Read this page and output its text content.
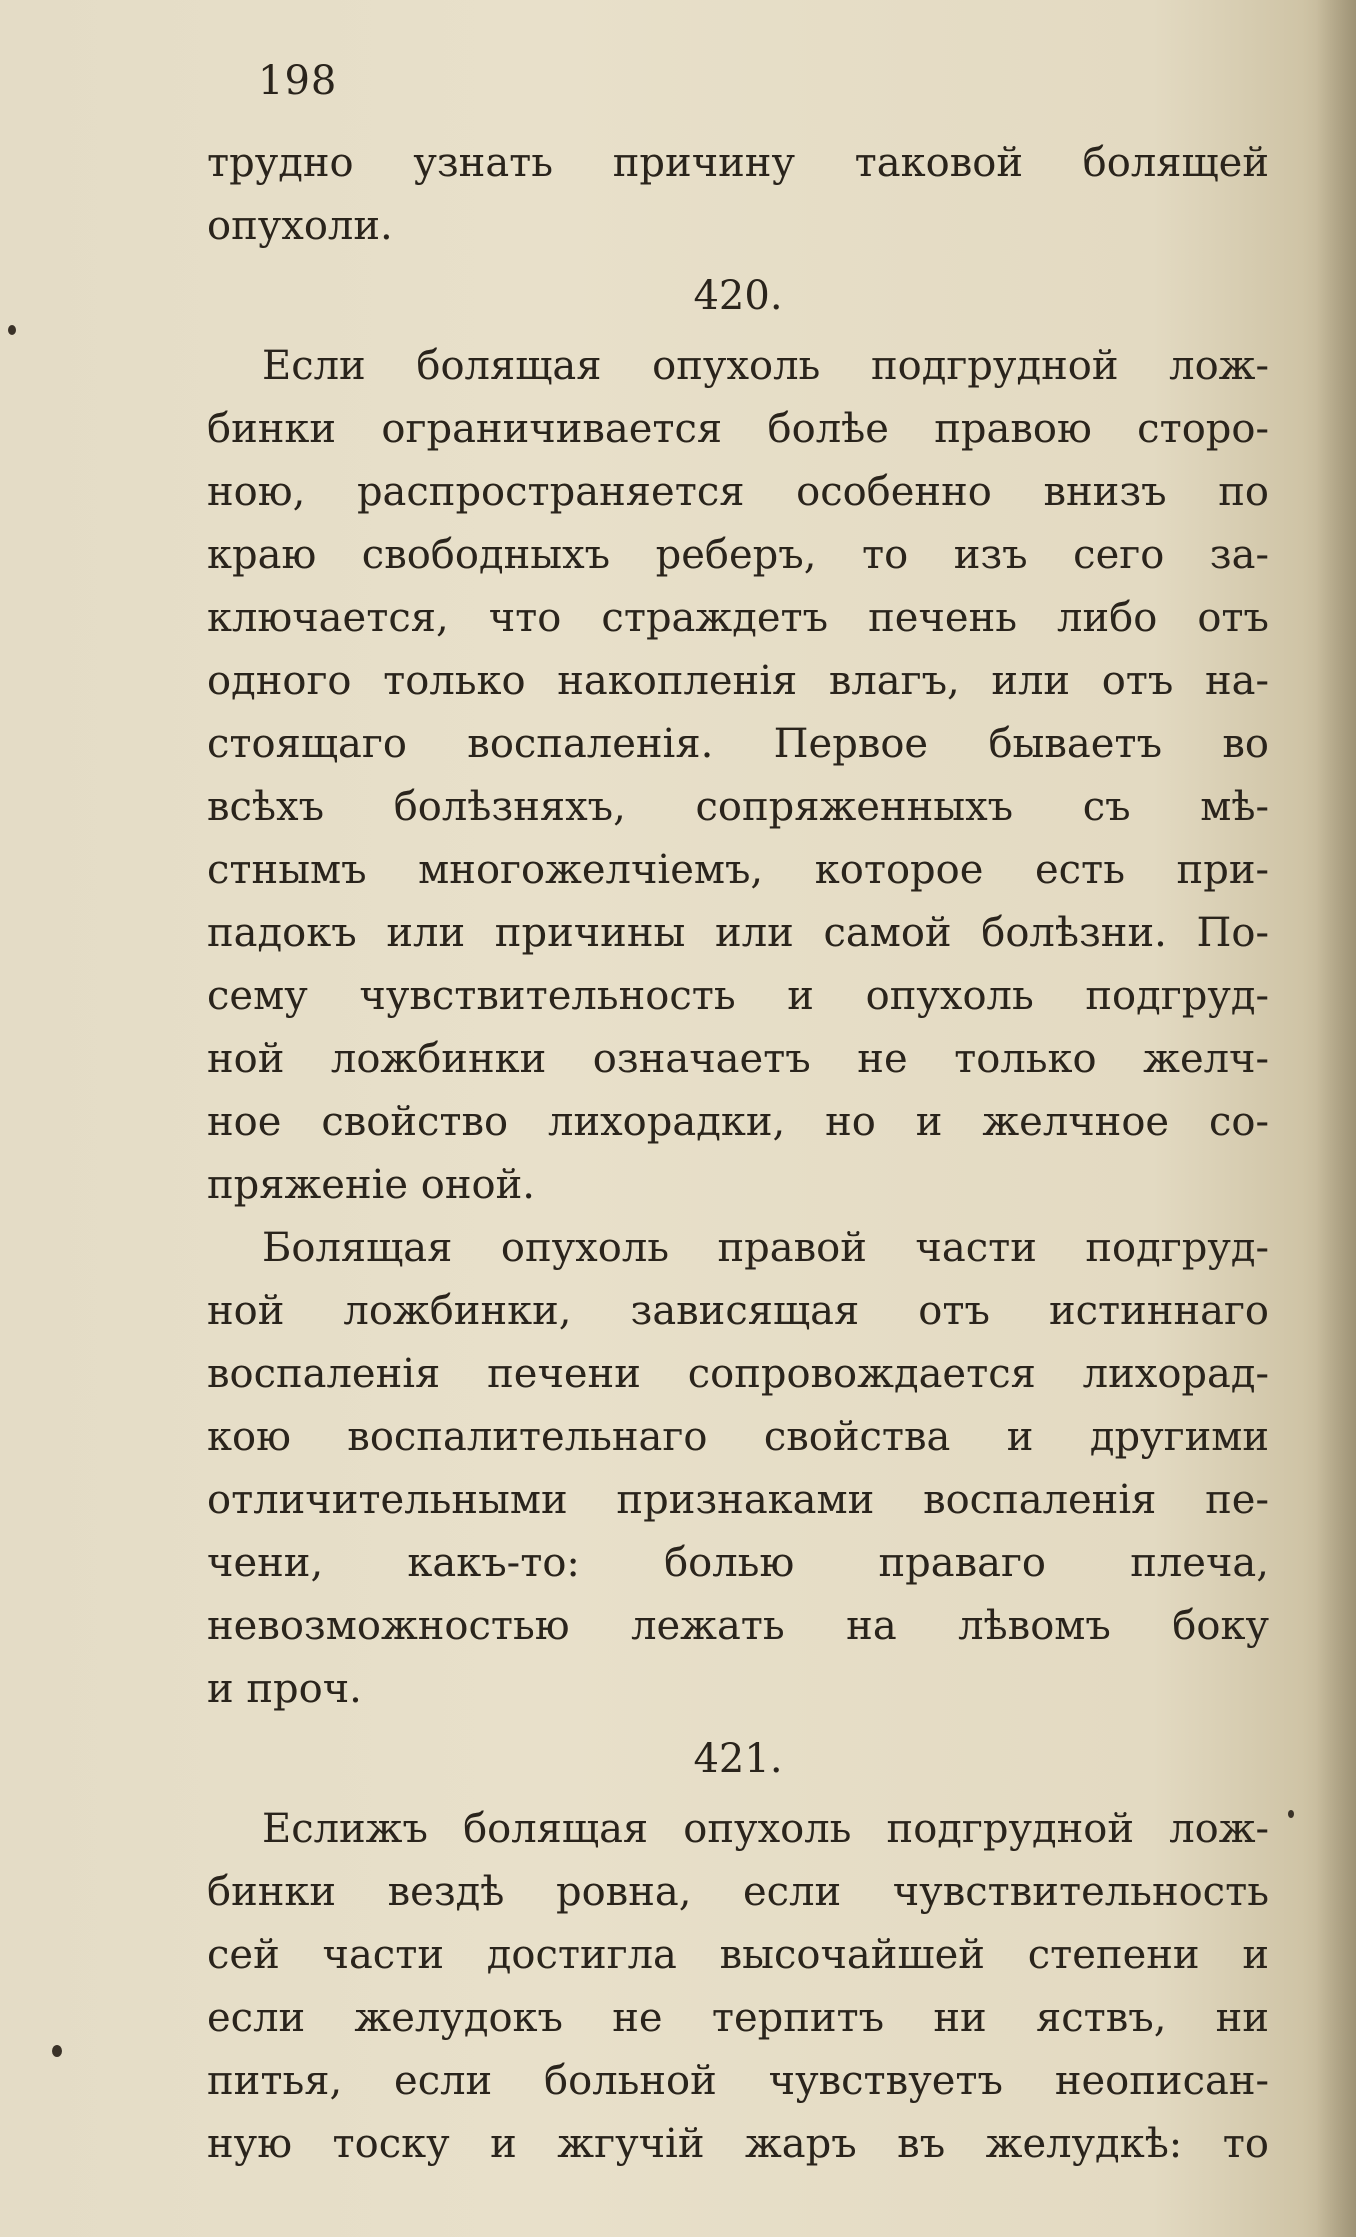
198
трудно узнать причину таковой болящей
опухоли.
420.
Если болящая опухоль подгрудной лож-
бинки ограничивается болѣе правою сторо-
ною, распространяется особенно внизъ по
краю свободныхъ реберъ, то изъ сего за-
ключается, что страждетъ печень либо отъ
одного только накопленія влагъ, или отъ на-
стоящаго воспаленія. Первое бываетъ во
всѣхъ болѣзняхъ, сопряженныхъ съ мѣ-
стнымъ многожелчіемъ, которое есть при-
падокъ или причины или самой болѣзни. По-
сему чувствительность и опухоль подгруд-
ной ложбинки означаетъ не только желч-
ное свойство лихорадки, но и желчное со-
пряженіе оной.
Болящая опухоль правой части подгруд-
ной ложбинки, зависящая отъ истиннаго
воспаленія печени сопровождается лихорад-
кою воспалительнаго свойства и другими
отличительными признаками воспаленія пе-
чени, какъ-то: болью праваго плеча,
невозможностью лежать на лѣвомъ боку
и проч.
421.
Еслижъ болящая опухоль подгрудной лож-
бинки вездѣ ровна, если чувствительность
сей части достигла высочайшей степени и
если желудокъ не терпитъ ни яствъ, ни
питья, если больной чувствуетъ неописан-
ную тоску и жгучій жаръ въ желудкѣ: то
